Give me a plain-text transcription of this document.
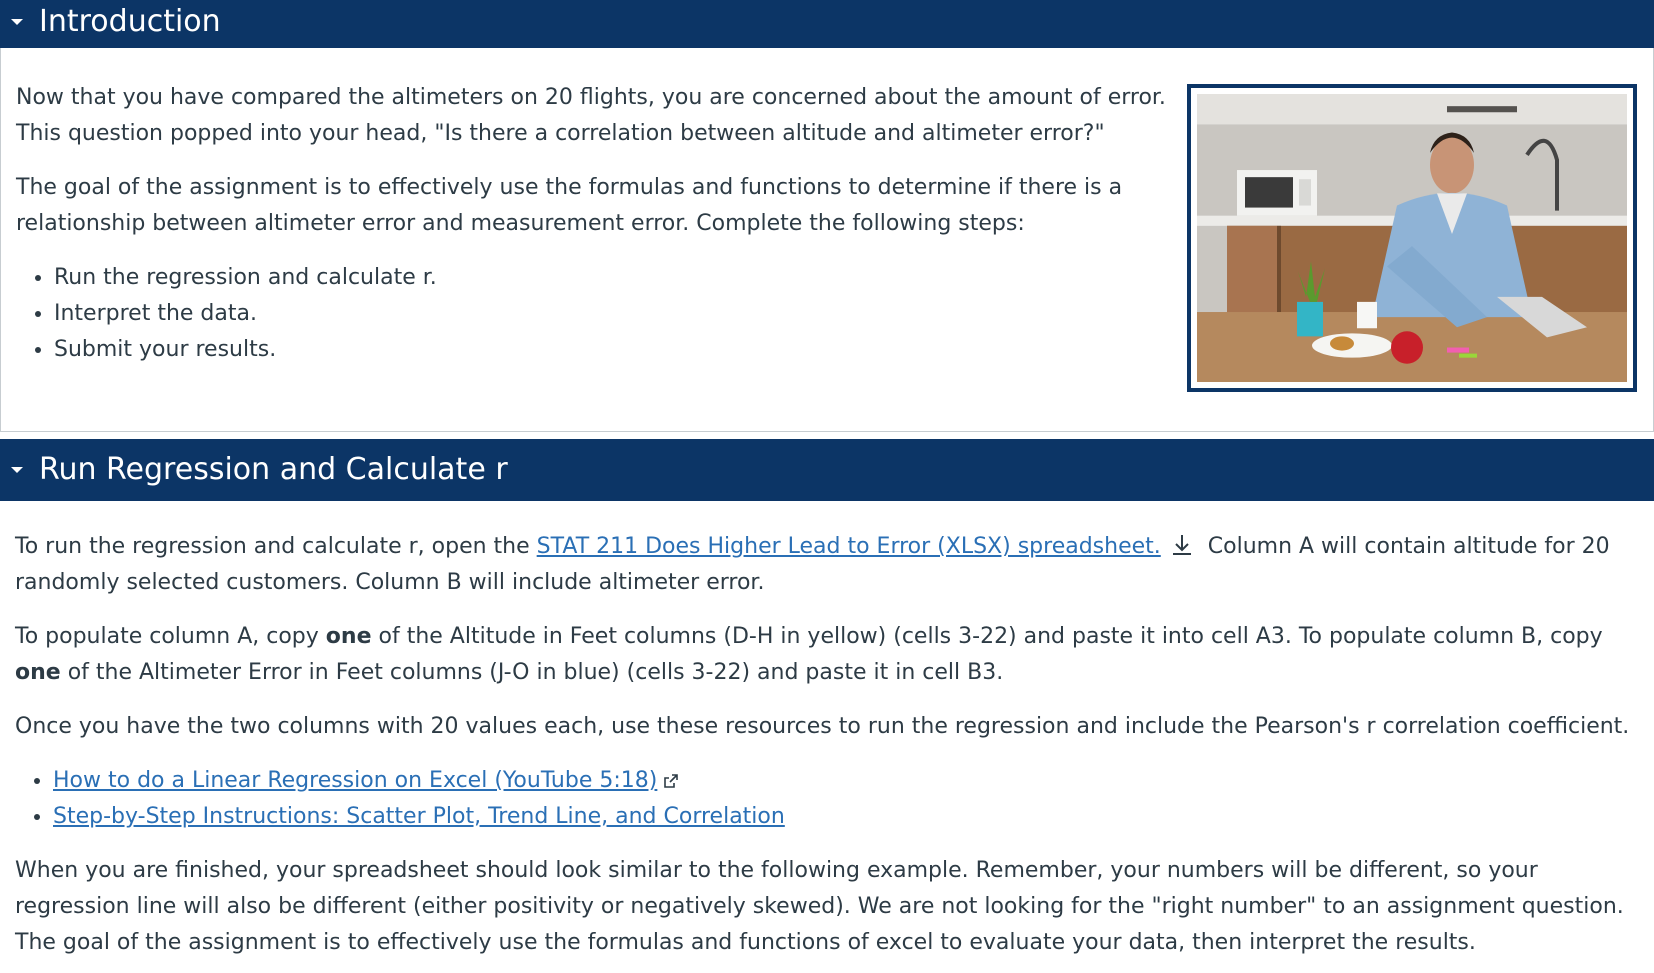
Introduction

Now that you have compared the altimeters on 20 flights, you are concerned about the amount of error. This question popped into your head, "Is there a correlation between altitude and altimeter error?"

The goal of the assignment is to effectively use the formulas and functions to determine if there is a relationship between altimeter error and measurement error. Complete the following steps:

• Run the regression and calculate r.
• Interpret the data.
• Submit your results.
Run Regression and Calculate r

To run the regression and calculate r, open the STAT 211 Does Higher Lead to Error (XLSX) spreadsheet. Column A will contain altitude for 20 randomly selected customers. Column B will include altimeter error.

To populate column A, copy one of the Altitude in Feet columns (D-H in yellow) (cells 3-22) and paste it into cell A3. To populate column B, copy one of the Altimeter Error in Feet columns (J-O in blue) (cells 3-22) and paste it in cell B3.

Once you have the two columns with 20 values each, use these resources to run the regression and include the Pearson's r correlation coefficient.

• How to do a Linear Regression on Excel (YouTube 5:18)
• Step-by-Step Instructions: Scatter Plot, Trend Line, and Correlation

When you are finished, your spreadsheet should look similar to the following example. Remember, your numbers will be different, so your regression line will also be different (either positivity or negatively skewed). We are not looking for the "right number" to an assignment question. The goal of the assignment is to effectively use the formulas and functions of excel to evaluate your data, then interpret the results.
